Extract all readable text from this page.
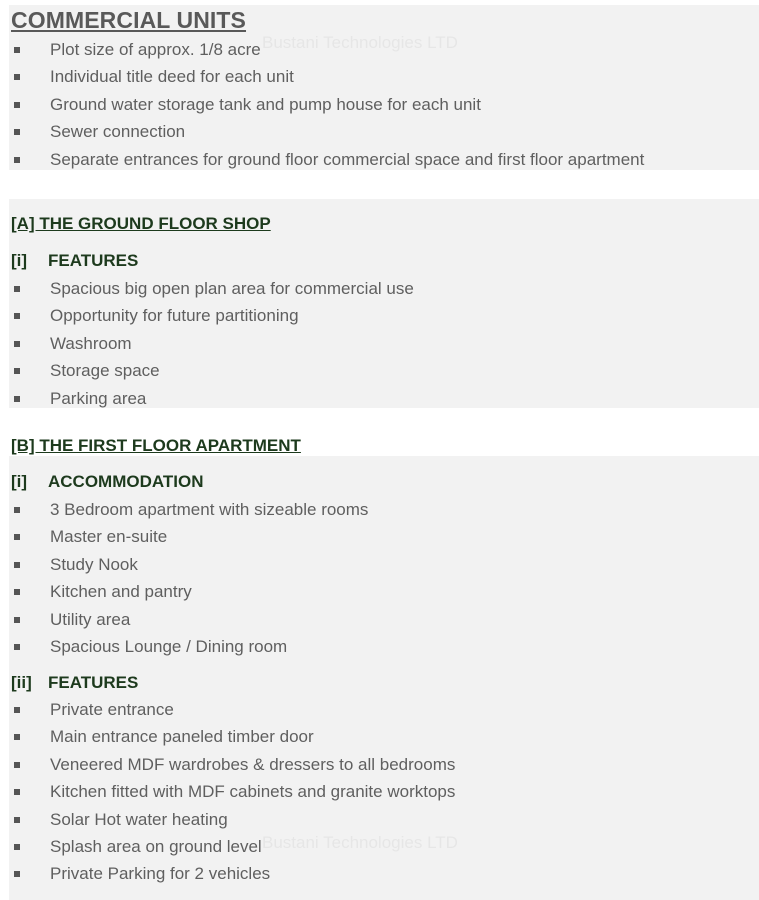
Bustani Technologies LTD
Bustani Technologies LTD
COMMERCIAL UNITS
Plot size of approx. 1/8 acre
Individual title deed for each unit
Ground water storage tank and pump house for each unit
Sewer connection
Separate entrances for ground floor commercial space and first floor apartment
[A] THE GROUND FLOOR SHOP
[i] FEATURES
Spacious big open plan area for commercial use
Opportunity for future partitioning
Washroom
Storage space
Parking area
[B] THE FIRST FLOOR APARTMENT
[i] ACCOMMODATION
3 Bedroom apartment with sizeable rooms
Master en-suite
Study Nook
Kitchen and pantry
Utility area
Spacious Lounge / Dining room
[ii] FEATURES
Private entrance
Main entrance paneled timber door
Veneered MDF wardrobes & dressers to all bedrooms
Kitchen fitted with MDF cabinets and granite worktops
Solar Hot water heating
Splash area on ground level
Private Parking for 2 vehicles
